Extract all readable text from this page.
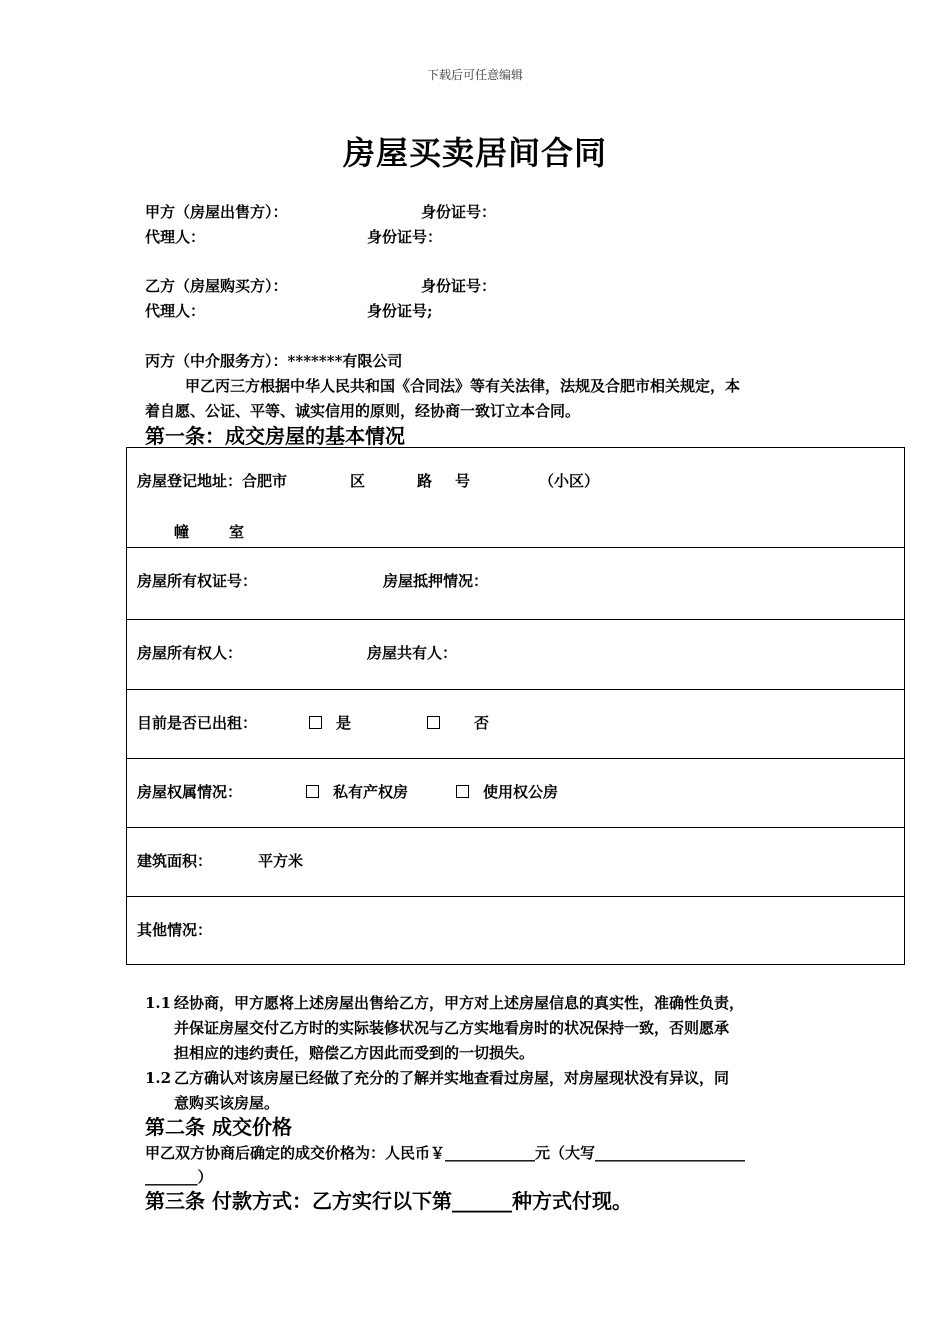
下载后可任意编辑
房屋买卖居间合同
甲方（房屋出售方）：	身份证号：
代理人：	身份证号：
乙方（房屋购买方）：	身份证号：
代理人：	身份证号;
丙方（中介服务方）：*******有限公司
甲乙丙三方根据中华人民共和国《合同法》等有关法律，法规及合肥市相关规定，本
着自愿、公证、平等、诚实信用的原则，经协商一致订立本合同。
第一条：成交房屋的基本情况
房屋登记地址：合肥市	区	路 号	（小区）
幢	室
房屋所有权证号：	房屋抵押情况：
房屋所有权人：	房屋共有人：
目前是否已出租：	是	否
房屋权属情况：	私有产权房	使用权公房
建筑面积：	平方米
其他情况：
1.1 经协商，甲方愿将上述房屋出售给乙方，甲方对上述房屋信息的真实性，准确性负责，
并保证房屋交付乙方时的实际装修状况与乙方实地看房时的状况保持一致，否则愿承
担相应的违约责任，赔偿乙方因此而受到的一切损失。
1.2 乙方确认对该房屋已经做了充分的了解并实地查看过房屋，对房屋现状没有异议，同
意购买该房屋。
第二条 成交价格
甲乙双方协商后确定的成交价格为：人民币￥____________元（大写____________________
_______）
第三条 付款方式：乙方实行以下第______种方式付现。
